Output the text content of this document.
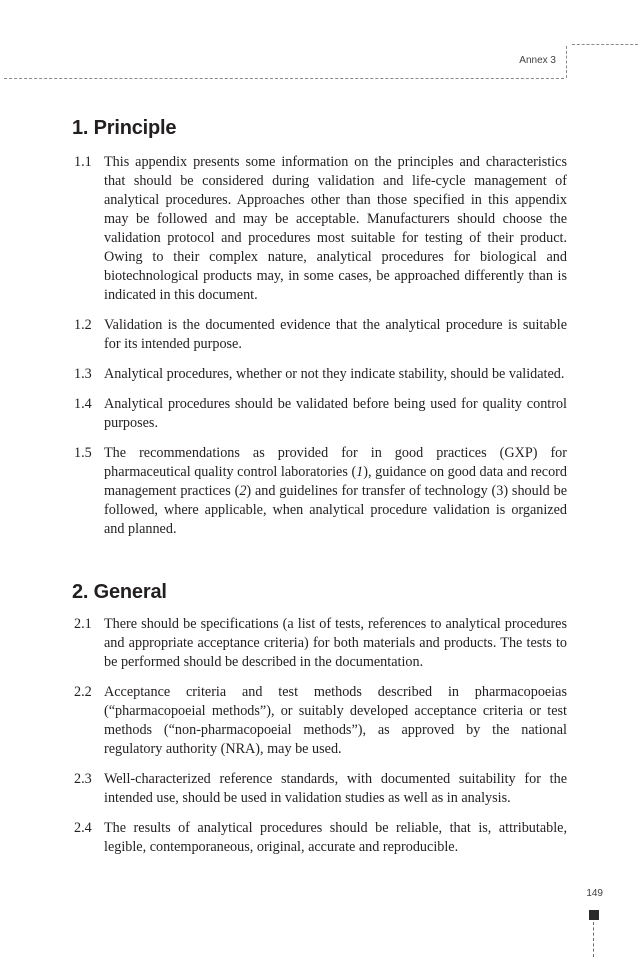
Annex 3
1. Principle

1.1 This appendix presents some information on the principles and characteristics that should be considered during validation and life-cycle management of analytical procedures. Approaches other than those specified in this appendix may be followed and may be acceptable. Manufacturers should choose the validation protocol and procedures most suitable for testing of their product. Owing to their complex nature, analytical procedures for biological and biotechnological products may, in some cases, be approached differently than is indicated in this document.

1.2 Validation is the documented evidence that the analytical procedure is suitable for its intended purpose.

1.3 Analytical procedures, whether or not they indicate stability, should be validated.

1.4 Analytical procedures should be validated before being used for quality control purposes.

1.5 The recommendations as provided for in good practices (GXP) for pharmaceutical quality control laboratories (1), guidance on good data and record management practices (2) and guidelines for transfer of technology (3) should be followed, where applicable, when analytical procedure validation is organized and planned.

2. General

2.1 There should be specifications (a list of tests, references to analytical procedures and appropriate acceptance criteria) for both materials and products. The tests to be performed should be described in the documentation.

2.2 Acceptance criteria and test methods described in pharmacopoeias (“pharmacopoeial methods”), or suitably developed acceptance criteria or test methods (“non-pharmacopoeial methods”), as approved by the national regulatory authority (NRA), may be used.

2.3 Well-characterized reference standards, with documented suitability for the intended use, should be used in validation studies as well as in analysis.

2.4 The results of analytical procedures should be reliable, that is, attributable, legible, contemporaneous, original, accurate and reproducible.

149
